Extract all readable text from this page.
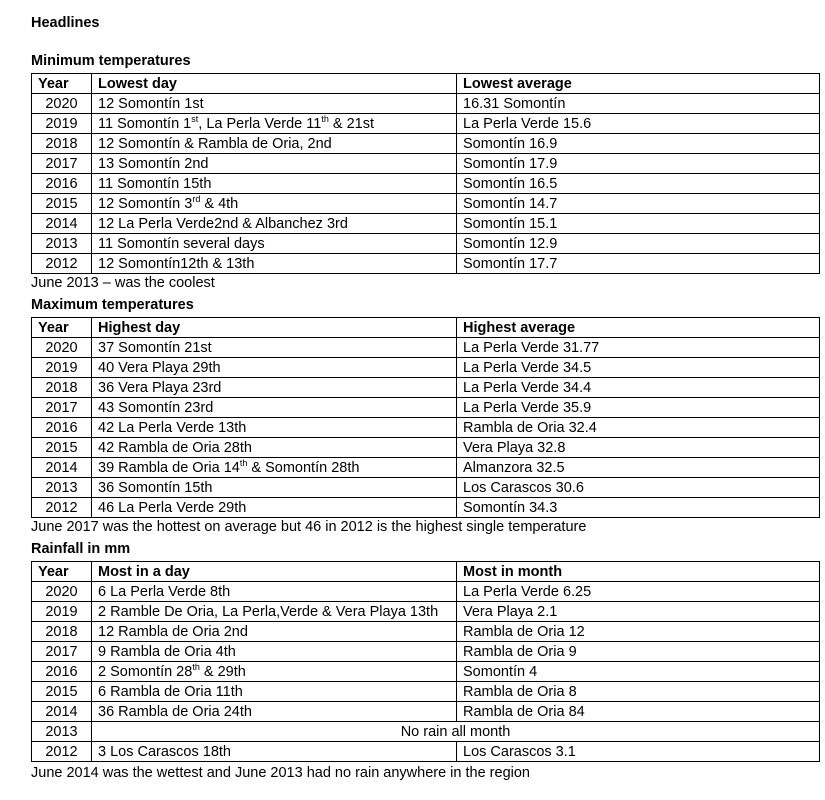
Headlines
Minimum temperatures
Year	Lowest day	Lowest average
2020	12 Somontín 1st	16.31 Somontín
2019	11 Somontín 1st, La Perla Verde 11th & 21st	La Perla Verde 15.6
2018	12 Somontín & Rambla de Oria, 2nd	Somontín 16.9
2017	13 Somontín 2nd	Somontín 17.9
2016	11 Somontín 15th	Somontín 16.5
2015	12 Somontín 3rd & 4th	Somontín 14.7
2014	12 La Perla Verde2nd & Albanchez 3rd	Somontín 15.1
2013	11 Somontín several days	Somontín 12.9
2012	12 Somontín12th & 13th	Somontín 17.7
June 2013 – was the coolest
Maximum temperatures
Year	Highest day	Highest average
2020	37 Somontín 21st	La Perla Verde 31.77
2019	40 Vera Playa 29th	La Perla Verde 34.5
2018	36 Vera Playa 23rd	La Perla Verde 34.4
2017	43 Somontín 23rd	La Perla Verde 35.9
2016	42 La Perla Verde 13th	Rambla de Oria 32.4
2015	42 Rambla de Oria 28th	Vera Playa 32.8
2014	39 Rambla de Oria 14th & Somontín 28th	Almanzora 32.5
2013	36 Somontín 15th	Los Carascos 30.6
2012	46 La Perla Verde 29th	Somontín 34.3
June 2017 was the hottest on average but 46 in 2012 is the highest single temperature
Rainfall in mm
Year	Most in a day	Most in month
2020	6 La Perla Verde 8th	La Perla Verde 6.25
2019	2 Ramble De Oria, La Perla,Verde & Vera Playa 13th	Vera Playa 2.1
2018	12 Rambla de Oria 2nd	Rambla de Oria 12
2017	9 Rambla de Oria 4th	Rambla de Oria 9
2016	2 Somontín 28th & 29th	Somontín 4
2015	6 Rambla de Oria 11th	Rambla de Oria 8
2014	36 Rambla de Oria 24th	Rambla de Oria 84
2013	No rain all month	
2012	3 Los Carascos 18th	Los Carascos 3.1
June 2014 was the wettest and June 2013 had no rain anywhere in the region
